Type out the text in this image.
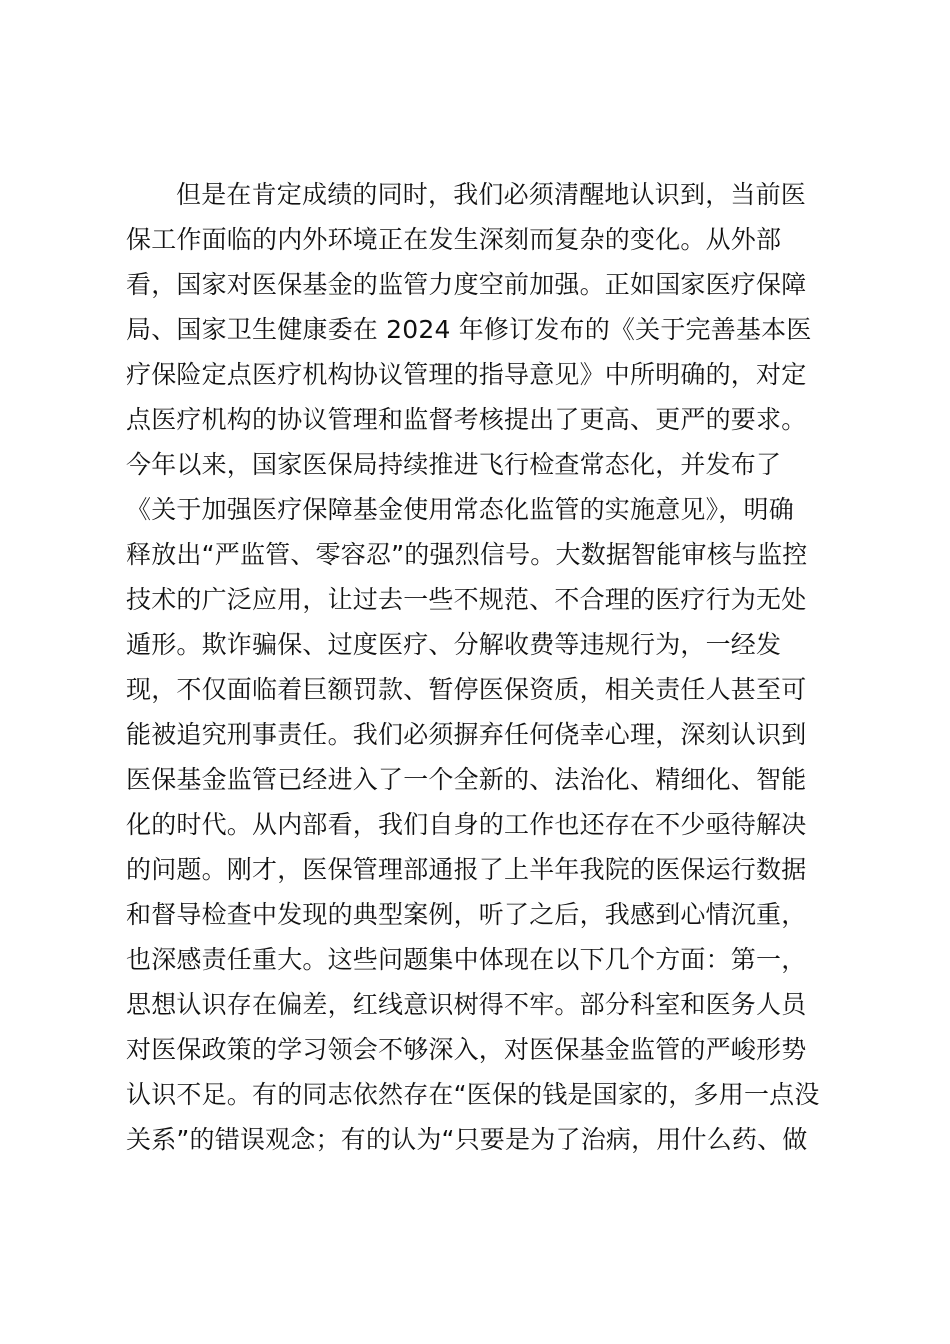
但是在肯定成绩的同时，我们必须清醒地认识到，当前医
保工作面临的内外环境正在发生深刻而复杂的变化。从外部
看，国家对医保基金的监管力度空前加强。正如国家医疗保障
局、国家卫生健康委在 2024 年修订发布的《关于完善基本医
疗保险定点医疗机构协议管理的指导意见》中所明确的，对定
点医疗机构的协议管理和监督考核提出了更高、更严的要求。
今年以来，国家医保局持续推进飞行检查常态化，并发布了
《关于加强医疗保障基金使用常态化监管的实施意见》，明确
释放出“严监管、零容忍”的强烈信号。大数据智能审核与监控
技术的广泛应用，让过去一些不规范、不合理的医疗行为无处
遁形。欺诈骗保、过度医疗、分解收费等违规行为，一经发
现，不仅面临着巨额罚款、暂停医保资质，相关责任人甚至可
能被追究刑事责任。我们必须摒弃任何侥幸心理，深刻认识到
医保基金监管已经进入了一个全新的、法治化、精细化、智能
化的时代。从内部看，我们自身的工作也还存在不少亟待解决
的问题。刚才，医保管理部通报了上半年我院的医保运行数据
和督导检查中发现的典型案例，听了之后，我感到心情沉重，
也深感责任重大。这些问题集中体现在以下几个方面：第一，
思想认识存在偏差，红线意识树得不牢。部分科室和医务人员
对医保政策的学习领会不够深入，对医保基金监管的严峻形势
认识不足。有的同志依然存在“医保的钱是国家的，多用一点没
关系”的错误观念；有的认为“只要是为了治病，用什么药、做
